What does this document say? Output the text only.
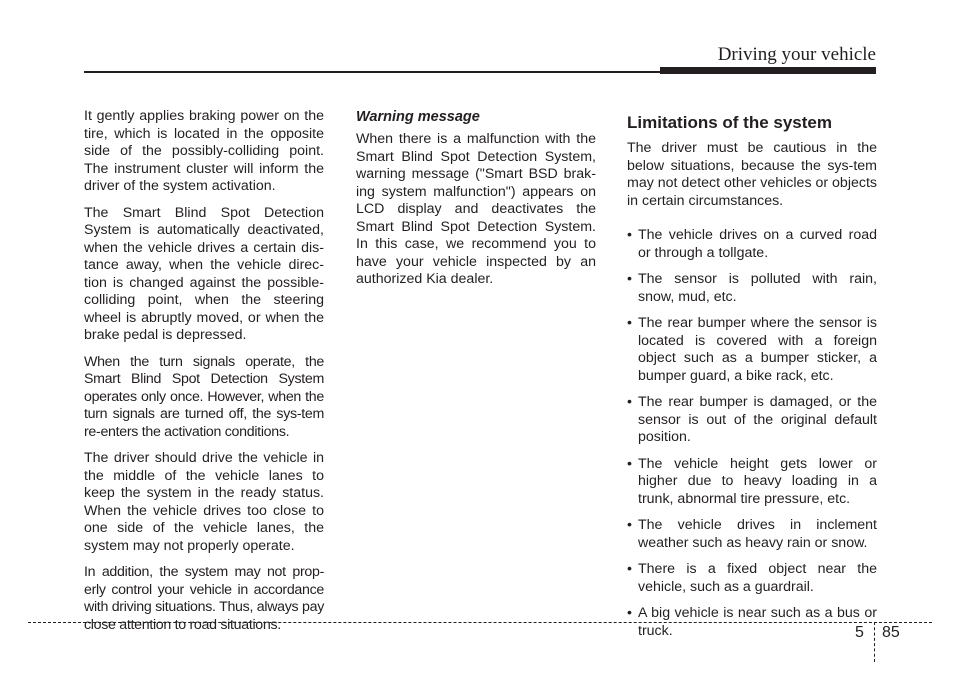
Driving your vehicle

It gently applies braking power on the tire, which is located in the opposite side of the possibly-colliding point. The instrument cluster will inform the driver of the system activation.

The Smart Blind Spot Detection System is automatically deactivated, when the vehicle drives a certain dis-tance away, when the vehicle direc-tion is changed against the possible-colliding point, when the steering wheel is abruptly moved, or when the brake pedal is depressed.

When the turn signals operate, the Smart Blind Spot Detection System operates only once. However, when the turn signals are turned off, the sys-tem re-enters the activation conditions.

The driver should drive the vehicle in the middle of the vehicle lanes to keep the system in the ready status. When the vehicle drives too close to one side of the vehicle lanes, the system may not properly operate.

In addition, the system may not prop-erly control your vehicle in accordance with driving situations. Thus, always pay close attention to road situations.

Warning message

When there is a malfunction with the Smart Blind Spot Detection System, warning message ("Smart BSD brak-ing system malfunction") appears on LCD display and deactivates the Smart Blind Spot Detection System. In this case, we recommend you to have your vehicle inspected by an authorized Kia dealer.

Limitations of the system

The driver must be cautious in the below situations, because the sys-tem may not detect other vehicles or objects in certain circumstances.

• The vehicle drives on a curved road or through a tollgate.
• The sensor is polluted with rain, snow, mud, etc.
• The rear bumper where the sensor is located is covered with a foreign object such as a bumper sticker, a bumper guard, a bike rack, etc.
• The rear bumper is damaged, or the sensor is out of the original default position.
• The vehicle height gets lower or higher due to heavy loading in a trunk, abnormal tire pressure, etc.
• The vehicle drives in inclement weather such as heavy rain or snow.
• There is a fixed object near the vehicle, such as a guardrail.
• A big vehicle is near such as a bus or truck.	5 85
